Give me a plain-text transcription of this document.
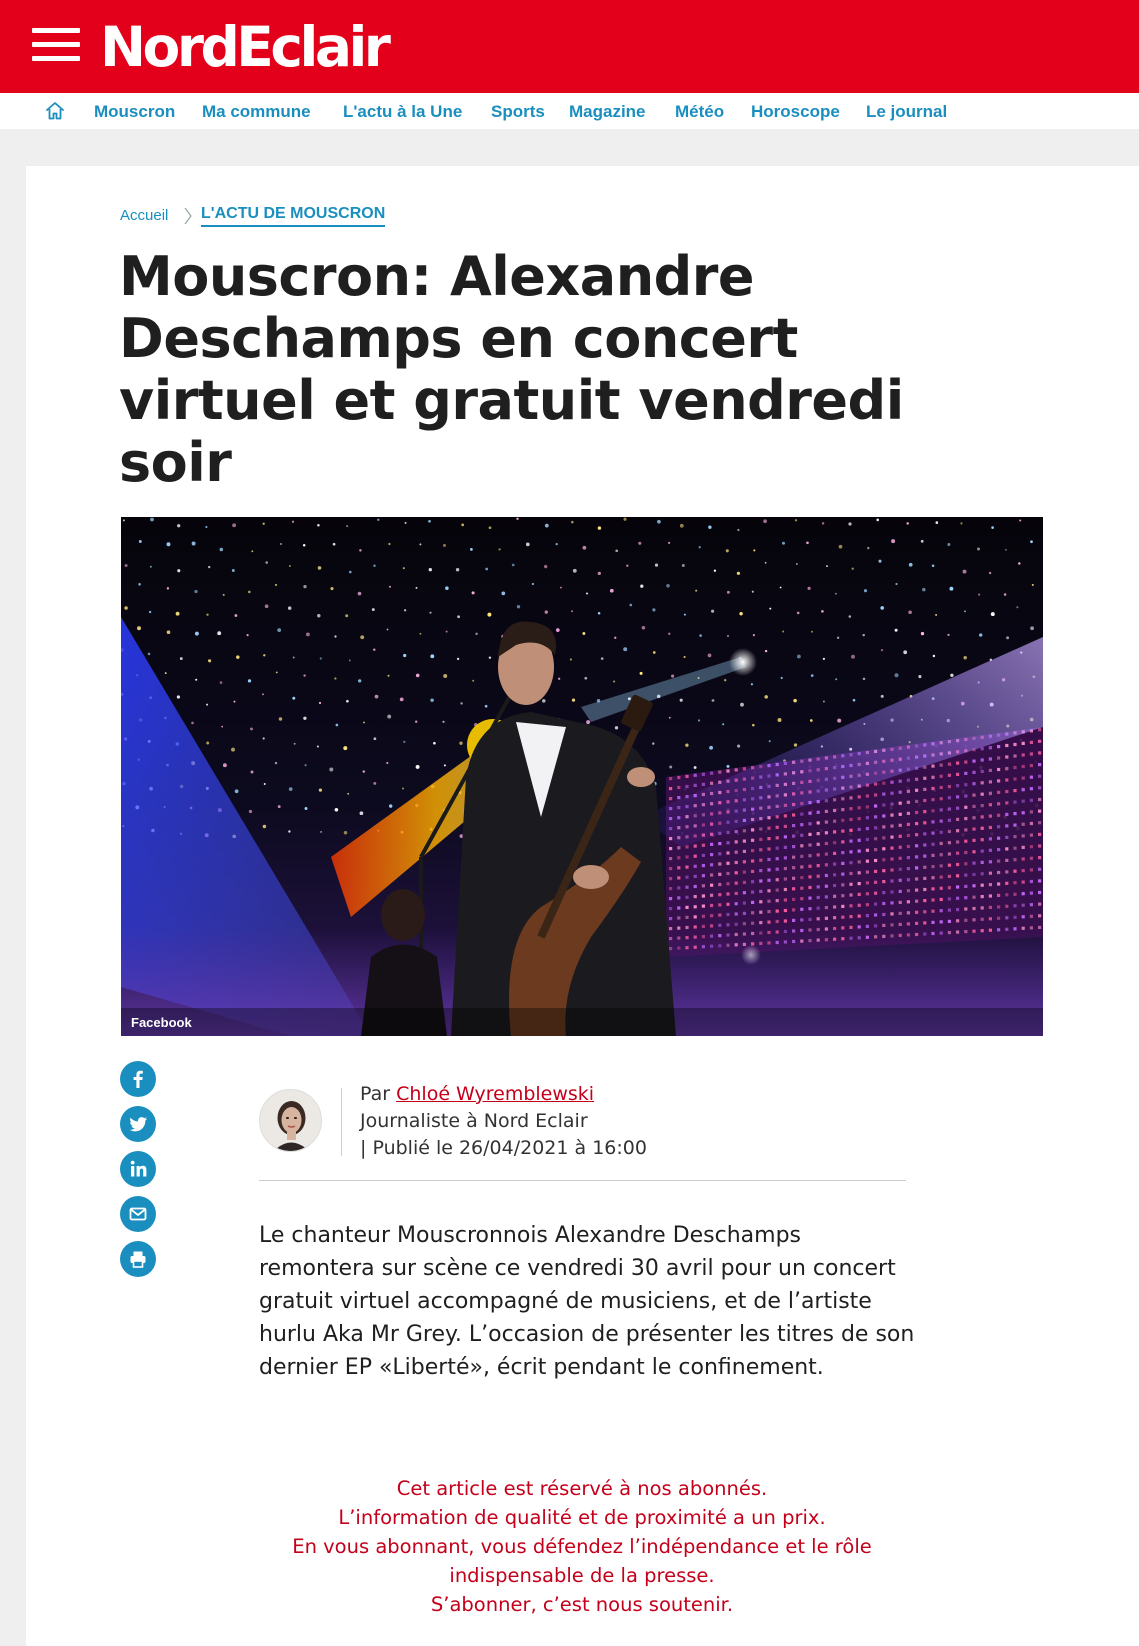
NordEclair
Mouscron Ma commune L'actu à la Une Sports Magazine Météo Horoscope Le journal
Accueil L'ACTU DE MOUSCRON
Mouscron: Alexandre Deschamps en concert virtuel et gratuit vendredi soir
Facebook
Par Chloé Wyremblewski
Journaliste à Nord Eclair
| Publié le 26/04/2021 à 16:00

Le chanteur Mouscronnois Alexandre Deschamps remontera sur scène ce vendredi 30 avril pour un concert gratuit virtuel accompagné de musiciens, et de l’artiste hurlu Aka Mr Grey. L’occasion de présenter les titres de son dernier EP «Liberté», écrit pendant le confinement.

Cet article est réservé à nos abonnés.
L’information de qualité et de proximité a un prix.
En vous abonnant, vous défendez l’indépendance et le rôle
indispensable de la presse.
S’abonner, c’est nous soutenir.
